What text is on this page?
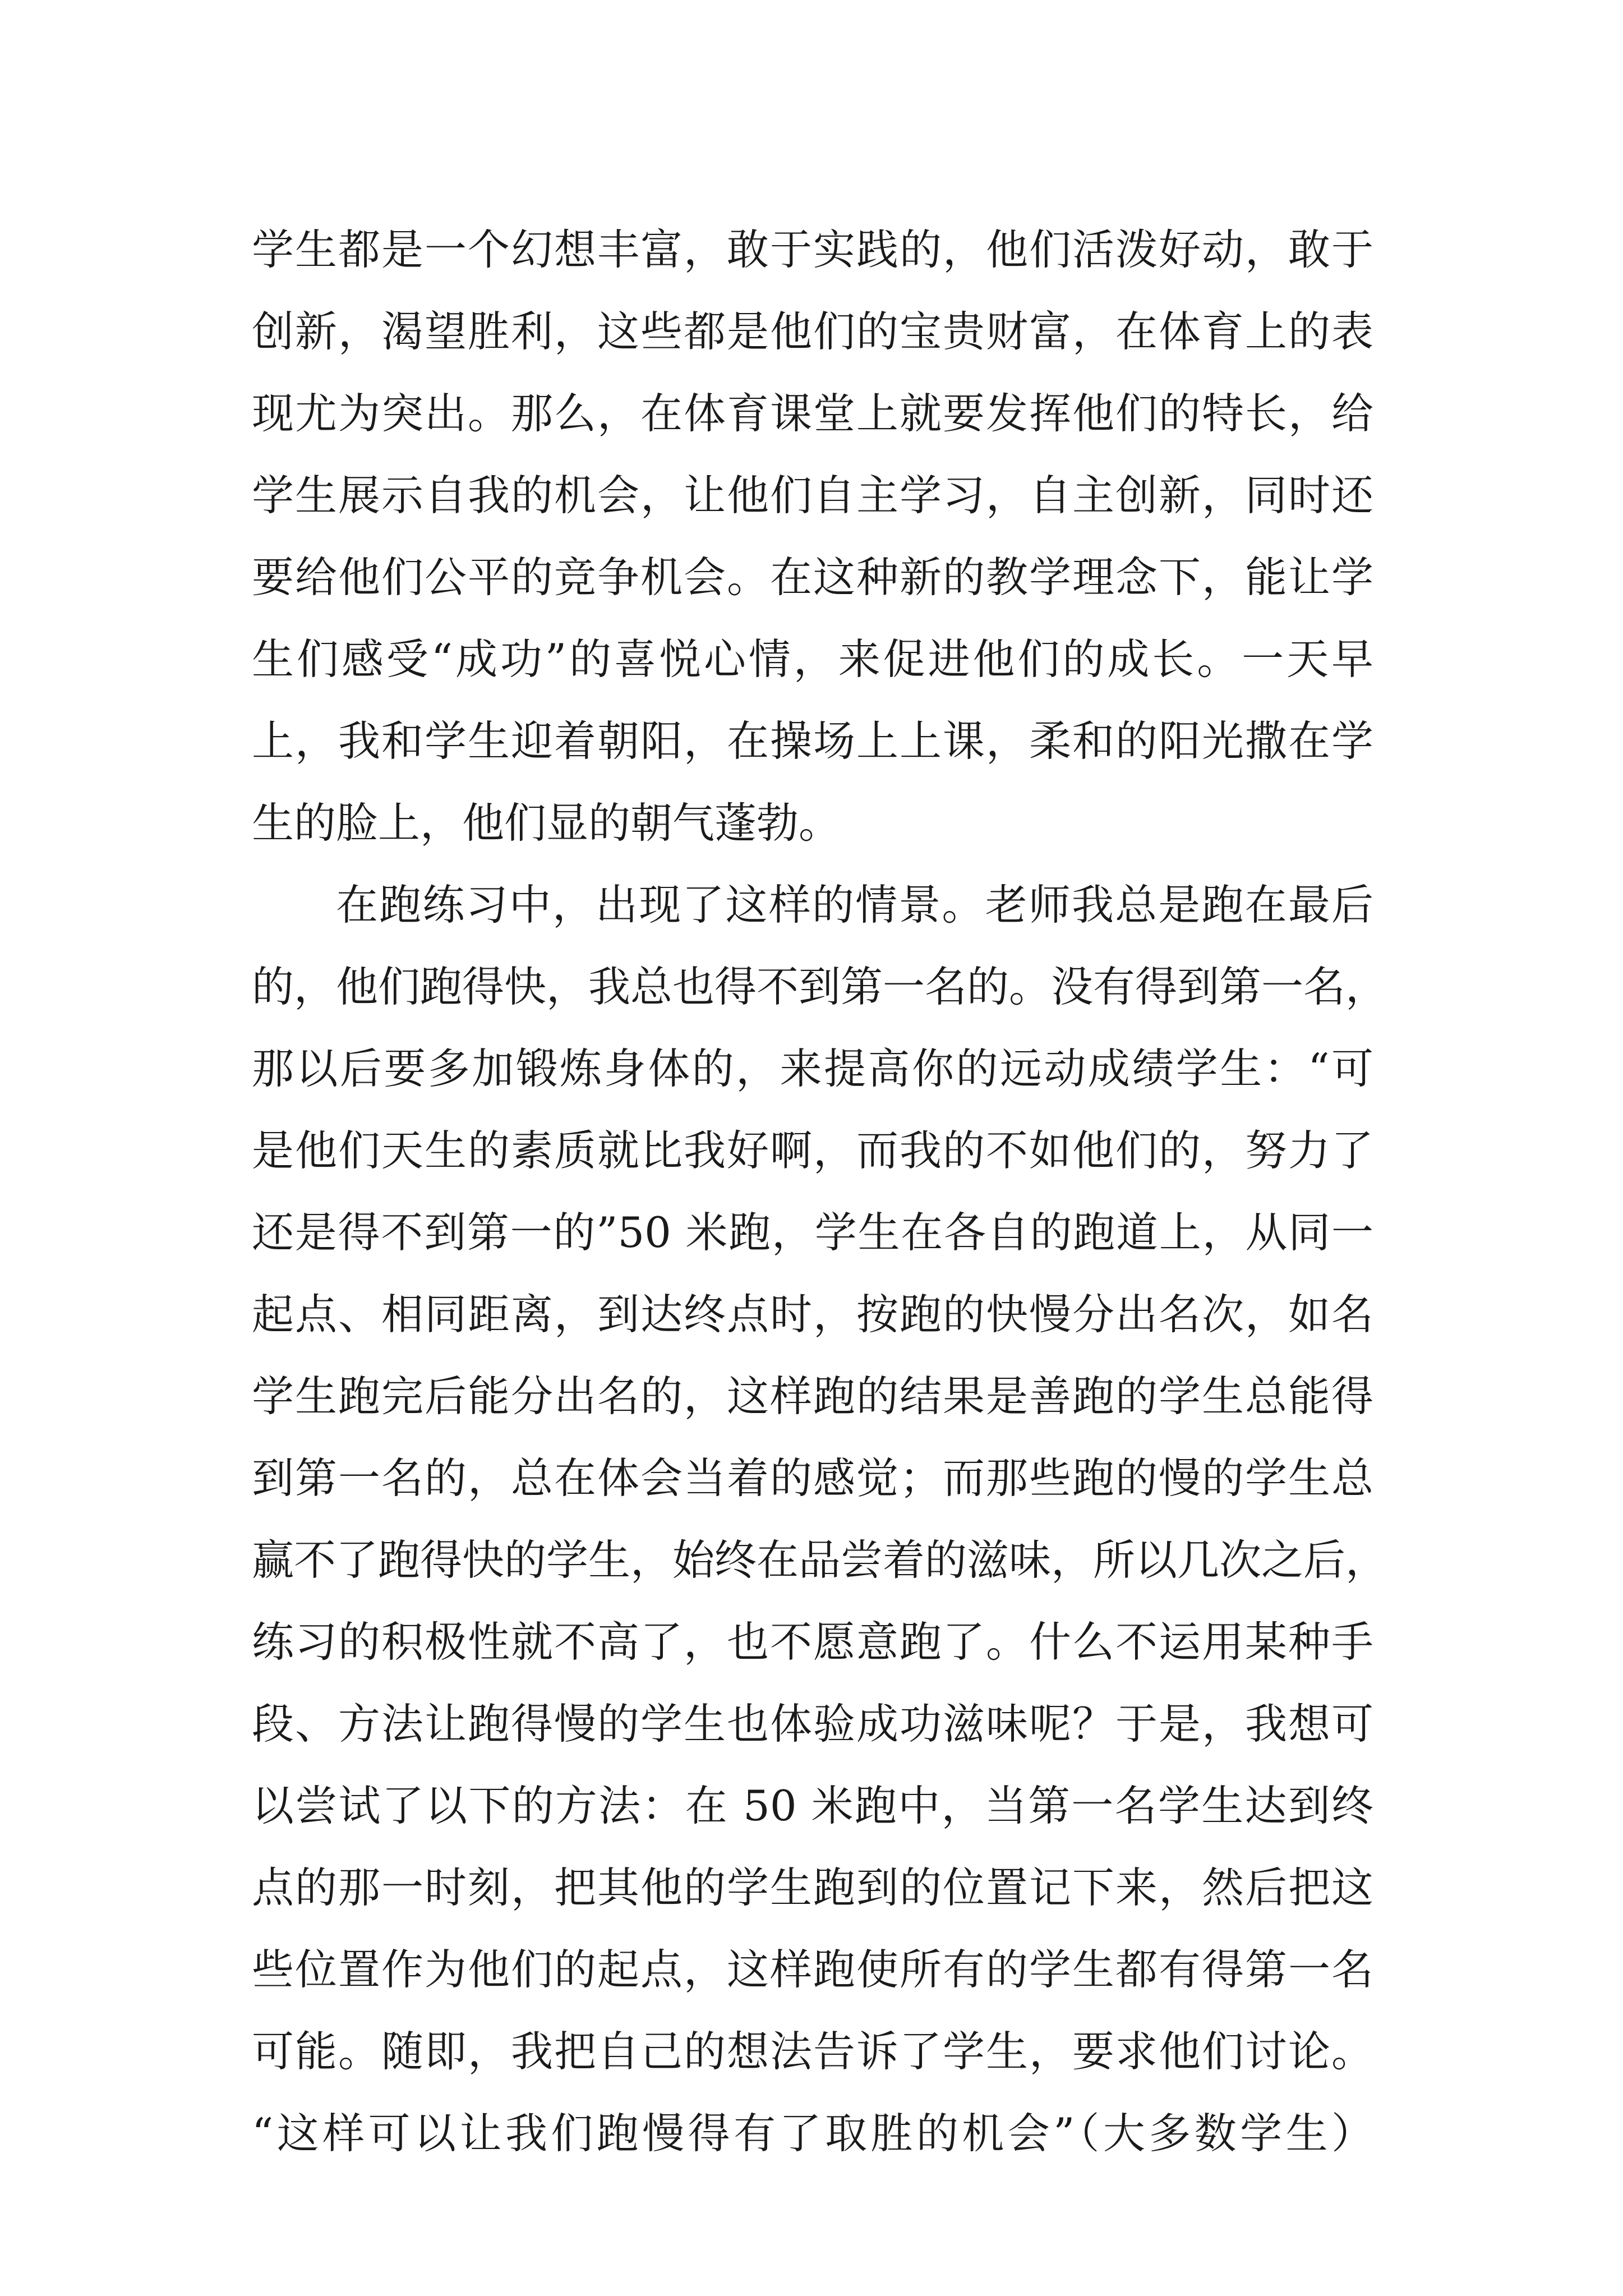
学生都是一个幻想丰富，敢于实践的，他们活泼好动，敢于
创新，渴望胜利，这些都是他们的宝贵财富，在体育上的表
现尤为突出。那么，在体育课堂上就要发挥他们的特长，给
学生展示自我的机会，让他们自主学习，自主创新，同时还
要给他们公平的竞争机会。在这种新的教学理念下，能让学
生们感受“成功”的喜悦心情，来促进他们的成长。一天早
上，我和学生迎着朝阳，在操场上上课，柔和的阳光撒在学
生的脸上，他们显的朝气蓬勃。
在跑练习中，出现了这样的情景。老师我总是跑在最后
的，他们跑得快，我总也得不到第一名的。没有得到第一名，
那以后要多加锻炼身体的，来提高你的远动成绩学生：“可
是他们天生的素质就比我好啊，而我的不如他们的，努力了
还是得不到第一的”50 米跑，学生在各自的跑道上，从同一
起点、相同距离，到达终点时，按跑的快慢分出名次，如名
学生跑完后能分出名的，这样跑的结果是善跑的学生总能得
到第一名的，总在体会当着的感觉；而那些跑的慢的学生总
赢不了跑得快的学生，始终在品尝着的滋味，所以几次之后，
练习的积极性就不高了，也不愿意跑了。什么不运用某种手
段、方法让跑得慢的学生也体验成功滋味呢？于是，我想可
以尝试了以下的方法：在 50 米跑中，当第一名学生达到终
点的那一时刻，把其他的学生跑到的位置记下来，然后把这
些位置作为他们的起点，这样跑使所有的学生都有得第一名
可能。随即，我把自己的想法告诉了学生，要求他们讨论。
“这样可以让我们跑慢得有了取胜的机会”（大多数学生）
